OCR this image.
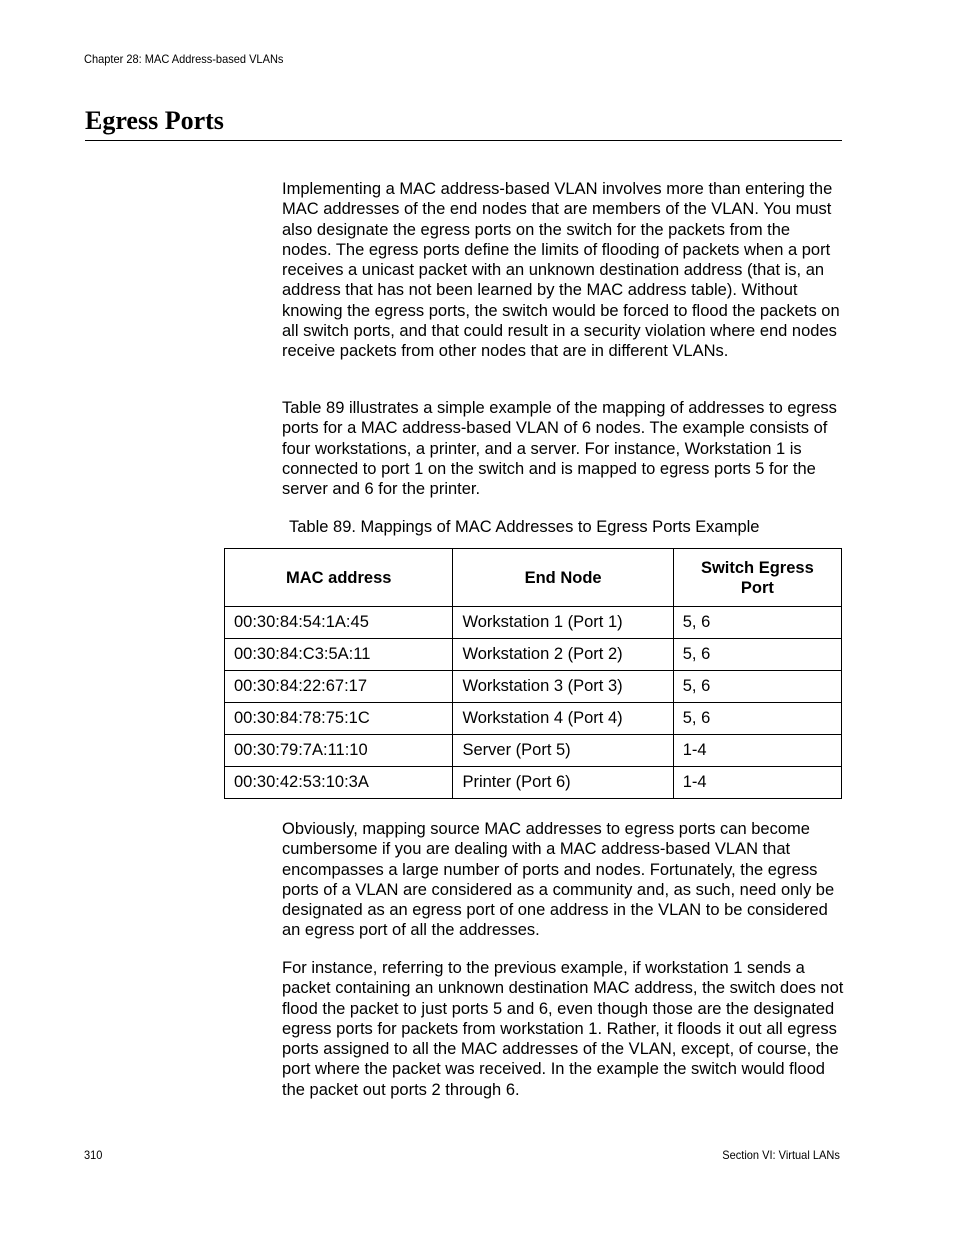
Chapter 28: MAC Address-based VLANs
Egress Ports

Implementing a MAC address-based VLAN involves more than entering the MAC addresses of the end nodes that are members of the VLAN. You must also designate the egress ports on the switch for the packets from the nodes. The egress ports define the limits of flooding of packets when a port receives a unicast packet with an unknown destination address (that is, an address that has not been learned by the MAC address table). Without knowing the egress ports, the switch would be forced to flood the packets on all switch ports, and that could result in a security violation where end nodes receive packets from other nodes that are in different VLANs.

Table 89 illustrates a simple example of the mapping of addresses to egress ports for a MAC address-based VLAN of 6 nodes. The example consists of four workstations, a printer, and a server. For instance, Workstation 1 is connected to port 1 on the switch and is mapped to egress ports 5 for the server and 6 for the printer.

Table 89. Mappings of MAC Addresses to Egress Ports Example
MAC address	End Node	Switch Egress Port
00:30:84:54:1A:45	Workstation 1 (Port 1)	5, 6
00:30:84:C3:5A:11	Workstation 2 (Port 2)	5, 6
00:30:84:22:67:17	Workstation 3 (Port 3)	5, 6
00:30:84:78:75:1C	Workstation 4 (Port 4)	5, 6
00:30:79:7A:11:10	Server (Port 5)	1-4
00:30:42:53:10:3A	Printer (Port 6)	1-4

Obviously, mapping source MAC addresses to egress ports can become cumbersome if you are dealing with a MAC address-based VLAN that encompasses a large number of ports and nodes. Fortunately, the egress ports of a VLAN are considered as a community and, as such, need only be designated as an egress port of one address in the VLAN to be considered an egress port of all the addresses.

For instance, referring to the previous example, if workstation 1 sends a packet containing an unknown destination MAC address, the switch does not flood the packet to just ports 5 and 6, even though those are the designated egress ports for packets from workstation 1. Rather, it floods it out all egress ports assigned to all the MAC addresses of the VLAN, except, of course, the port where the packet was received. In the example the switch would flood the packet out ports 2 through 6.

310	Section VI: Virtual LANs
